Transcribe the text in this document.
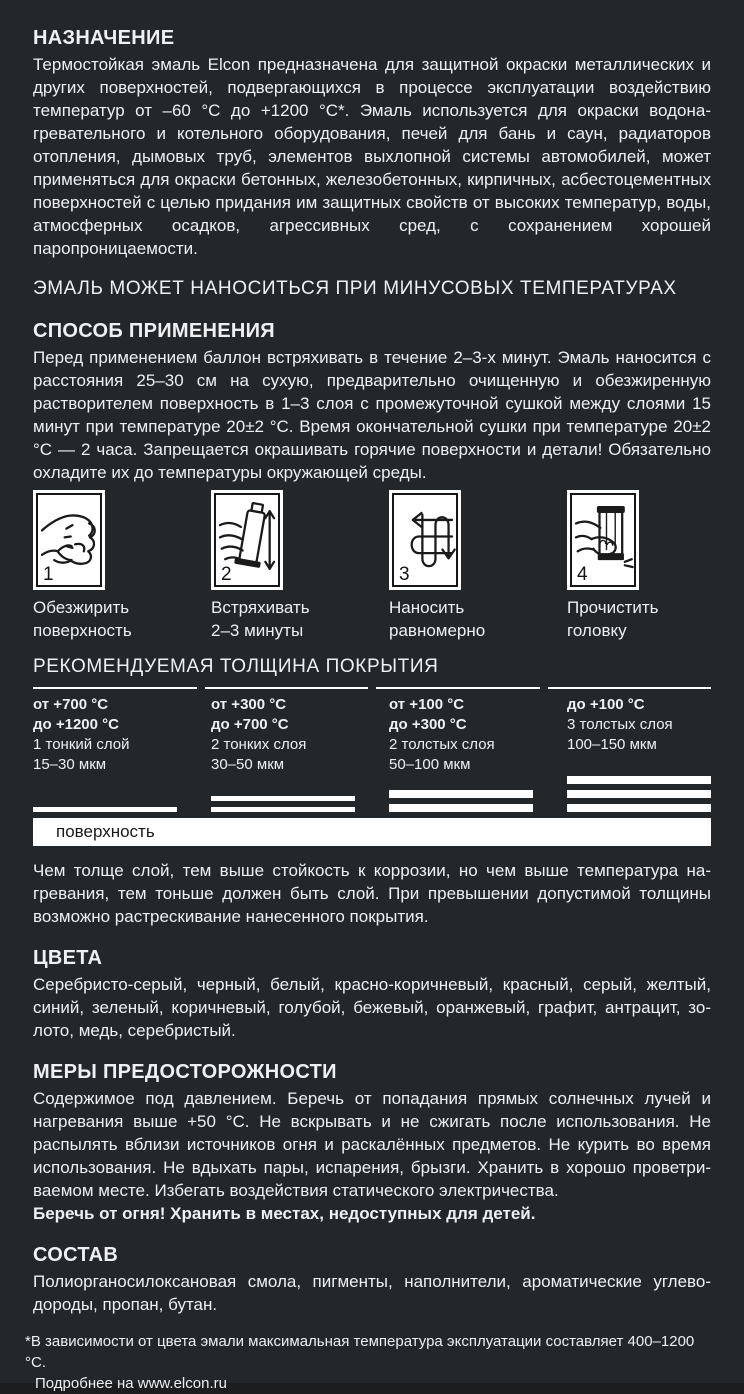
НАЗНАЧЕНИЕ

Термостойкая эмаль Elcon предназначена для защитной окраски металлических и других поверхностей, подвергающихся в процессе эксплуатации воздействию температур от –60 °C до +1200 °C*. Эмаль используется для окраски водонагревательного и котельного оборудования, печей для бань и саун, радиаторов отопления, дымовых труб, элементов выхлопной системы автомобилей, может применяться для окраски бетонных, железобетонных, кирпичных, асбестоцементных поверхностей с целью придания им защитных свойств от высоких температур, воды, атмосферных осадков, агрессивных сред, с сохранением хорошей паропроницаемости.

ЭМАЛЬ МОЖЕТ НАНОСИТЬСЯ ПРИ МИНУСОВЫХ ТЕМПЕРАТУРАХ
СПОСОБ ПРИМЕНЕНИЯ

Перед применением баллон встряхивать в течение 2–3-х минут. Эмаль наносится с расстояния 25–30 см на сухую, предварительно очищенную и обезжиренную растворителем поверхность в 1–3 слоя с промежуточной сушкой между слоями 15 минут при температуре 20±2 °C. Время окончательной сушки при температуре 20±2 °C — 2 часа. Запрещается окрашивать горячие поверхности и детали! Обязательно охладите их до температуры окружающей среды.

1
Обезжирить
поверхность
2
Встряхивать
2–3 минуты
3
Наносить
равномерно
4
Прочистить
головку
РЕКОМЕНДУЕМАЯ ТОЛЩИНА ПОКРЫТИЯ
от +700 °C
до +1200 °C
1 тонкий слой
15–30 мкм
от +300 °C
до +700 °C
2 тонких слоя
30–50 мкм
от +100 °C
до +300 °C
2 толстых слоя
50–100 мкм
до +100 °C
3 толстых слоя
100–150 мкм
поверхность

Чем толще слой, тем выше стойкость к коррозии, но чем выше температура нагревания, тем тоньше должен быть слой. При превышении допустимой толщины возможно растрескивание нанесенного покрытия.

ЦВЕТА

Серебристо-серый, черный, белый, красно-коричневый, красный, серый, желтый, синий, зеленый, коричневый, голубой, бежевый, оранжевый, графит, антрацит, золото, медь, серебристый.

МЕРЫ ПРЕДОСТОРОЖНОСТИ

Содержимое под давлением. Беречь от попадания прямых солнечных лучей и нагревания выше +50 °C. Не вскрывать и не сжигать после использования. Не распылять вблизи источников огня и раскалённых предметов. Не курить во время использования. Не вдыхать пары, испарения, брызги. Хранить в хорошо проветриваемом месте. Избегать воздействия статического электричества.

Беречь от огня! Хранить в местах, недоступных для детей.

СОСТАВ

Полиорганосилоксановая смола, пигменты, наполнители, ароматические углеводороды, пропан, бутан.

*В зависимости от цвета эмали максимальная температура эксплуатации составляет 400–1200 °C.
Подробнее на www.elcon.ru
